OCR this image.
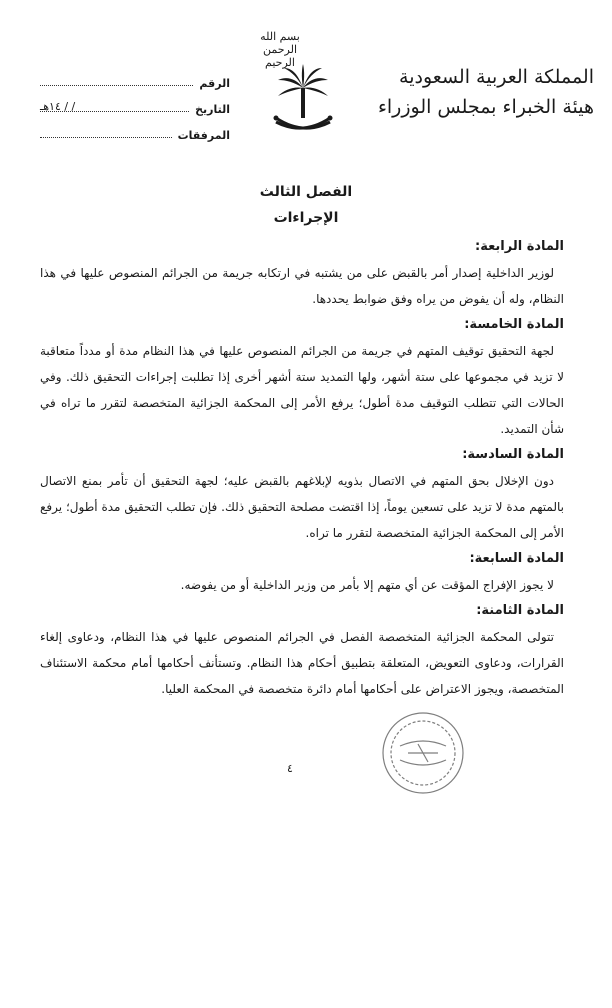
بسم الله الرحمن الرحيم
المملكة العربية السعودية
هيئة الخبراء بمجلس الوزراء
الرقم
التاريخ
/ / ١٤هـ
المرفقات
الفصل الثالث
الإجراءات
المادة الرابعة:

لوزير الداخلية إصدار أمر بالقبض على من يشتبه في ارتكابه جريمة من الجرائم المنصوص عليها في هذا النظام، وله أن يفوض من يراه وفق ضوابط يحددها.

المادة الخامسة:

لجهة التحقيق توقيف المتهم في جريمة من الجرائم المنصوص عليها في هذا النظام مدة أو مدداً متعاقبة لا تزيد في مجموعها على ستة أشهر، ولها التمديد ستة أشهر أخرى إذا تطلبت إجراءات التحقيق ذلك. وفي الحالات التي تتطلب التوقيف مدة أطول؛ يرفع الأمر إلى المحكمة الجزائية المتخصصة لتقرر ما تراه في شأن التمديد.

المادة السادسة:

دون الإخلال بحق المتهم في الاتصال بذويه لإبلاغهم بالقبض عليه؛ لجهة التحقيق أن تأمر بمنع الاتصال بالمتهم مدة لا تزيد على تسعين يوماً، إذا اقتضت مصلحة التحقيق ذلك. فإن تطلب التحقيق مدة أطول؛ يرفع الأمر إلى المحكمة الجزائية المتخصصة لتقرر ما تراه.

المادة السابعة:

لا يجوز الإفراج المؤقت عن أي متهم إلا بأمر من وزير الداخلية أو من يفوضه.

المادة الثامنة:

تتولى المحكمة الجزائية المتخصصة الفصل في الجرائم المنصوص عليها في هذا النظام، ودعاوى إلغاء القرارات، ودعاوى التعويض، المتعلقة بتطبيق أحكام هذا النظام. وتستأنف أحكامها أمام محكمة الاستئناف المتخصصة، ويجوز الاعتراض على أحكامها أمام دائرة متخصصة في المحكمة العليا.

٤
